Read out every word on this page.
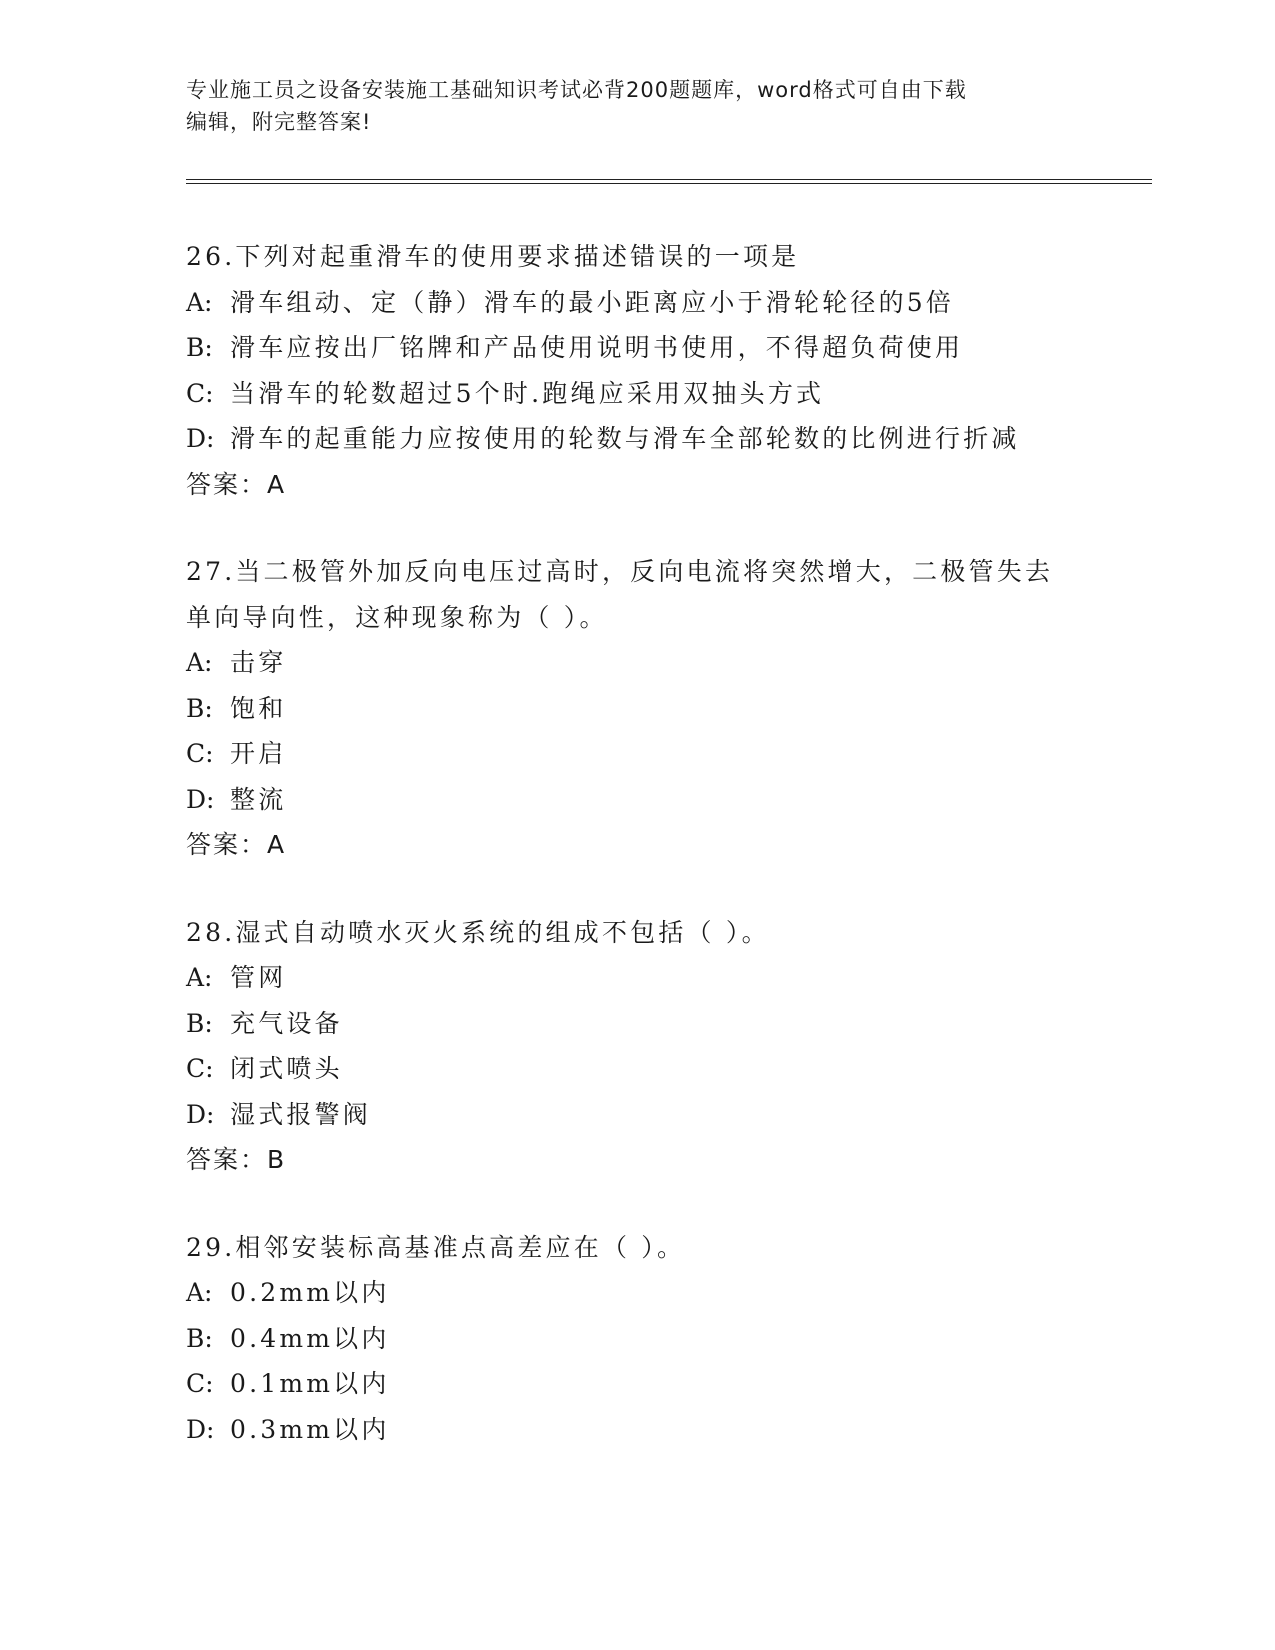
专业施工员之设备安装施工基础知识考试必背200题题库，word格式可自由下载
编辑，附完整答案!
26.下列对起重滑车的使用要求描述错误的一项是
A: 滑车组动、定（静）滑车的最小距离应小于滑轮轮径的5倍
B: 滑车应按出厂铭牌和产品使用说明书使用，不得超负荷使用
C: 当滑车的轮数超过5个时.跑绳应采用双抽头方式
D: 滑车的起重能力应按使用的轮数与滑车全部轮数的比例进行折减
答案：A
27.当二极管外加反向电压过高时，反向电流将突然增大，二极管失去
单向导向性，这种现象称为（ ）。
A: 击穿
B: 饱和
C: 开启
D: 整流
答案：A
28.湿式自动喷水灭火系统的组成不包括（ ）。
A: 管网
B: 充气设备
C: 闭式喷头
D: 湿式报警阀
答案：B
29.相邻安装标高基准点高差应在（ ）。
A: 0.2mm以内
B: 0.4mm以内
C: 0.1mm以内
D: 0.3mm以内
